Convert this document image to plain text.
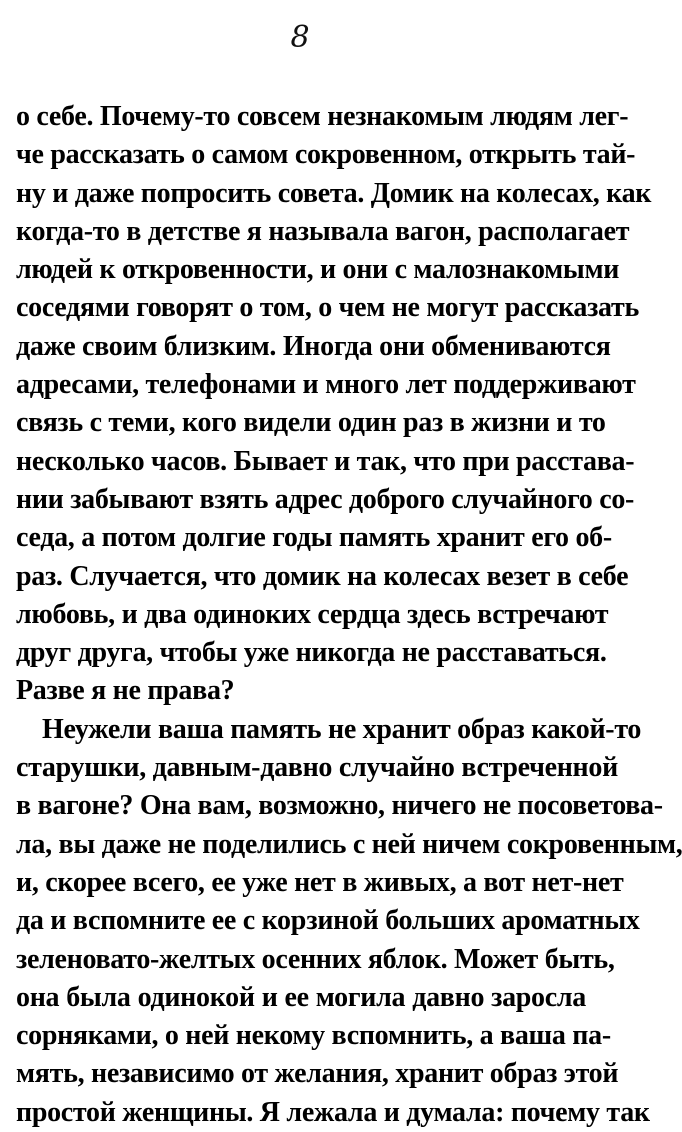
8
о себе. Почему-то совсем незнакомым людям лег-
че рассказать о самом сокровенном, открыть тай-
ну и даже попросить совета. Домик на колесах, как
когда-то в детстве я называла вагон, располагает
людей к откровенности, и они с малознакомыми
соседями говорят о том, о чем не могут рассказать
даже своим близким. Иногда они обмениваются
адресами, телефонами и много лет поддерживают
связь с теми, кого видели один раз в жизни и то
несколько часов. Бывает и так, что при расстава-
нии забывают взять адрес доброго случайного со-
седа, а потом долгие годы память хранит его об-
раз. Случается, что домик на колесах везет в себе
любовь, и два одиноких сердца здесь встречают
друг друга, чтобы уже никогда не расставаться.
Разве я не права?
Неужели ваша память не хранит образ какой-то
старушки, давным-давно случайно встреченной
в вагоне? Она вам, возможно, ничего не посоветова-
ла, вы даже не поделились с ней ничем сокровенным,
и, скорее всего, ее уже нет в живых, а вот нет-нет
да и вспомните ее с корзиной больших ароматных
зеленовато-желтых осенних яблок. Может быть,
она была одинокой и ее могила давно заросла
сорняками, о ней некому вспомнить, а ваша па-
мять, независимо от желания, хранит образ этой
простой женщины. Я лежала и думала: почему так
